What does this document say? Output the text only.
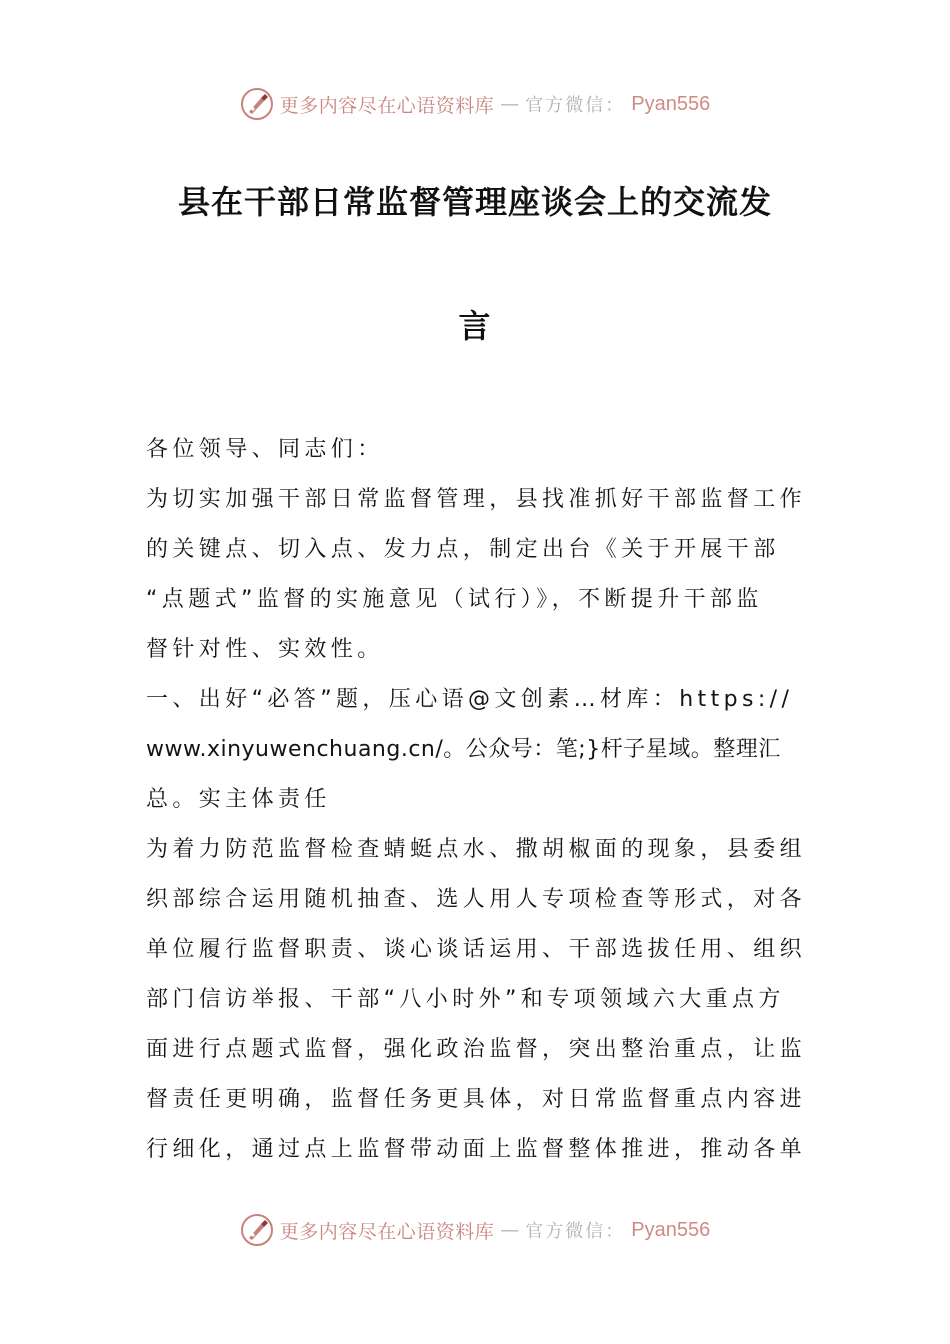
更多内容尽在心语资料库 — 官方微信： Pyan556
县在干部日常监督管理座谈会上的交流发
言
各位领导、同志们：
为切实加强干部日常监督管理，县找准抓好干部监督工作
的关键点、切入点、发力点，制定出台《关于开展干部
“点题式”监督的实施意见（试行）》，不断提升干部监
督针对性、实效性。
一、出好“必答”题，压心语@文创素…材库：https://
www.xinyuwenchuang.cn/。公众号：笔;}杆子星域。整理汇
总。实主体责任
为着力防范监督检查蜻蜓点水、撒胡椒面的现象，县委组
织部综合运用随机抽查、选人用人专项检查等形式，对各
单位履行监督职责、谈心谈话运用、干部选拔任用、组织
部门信访举报、干部“八小时外”和专项领域六大重点方
面进行点题式监督，强化政治监督，突出整治重点，让监
督责任更明确，监督任务更具体，对日常监督重点内容进
行细化，通过点上监督带动面上监督整体推进，推动各单
更多内容尽在心语资料库 — 官方微信： Pyan556
